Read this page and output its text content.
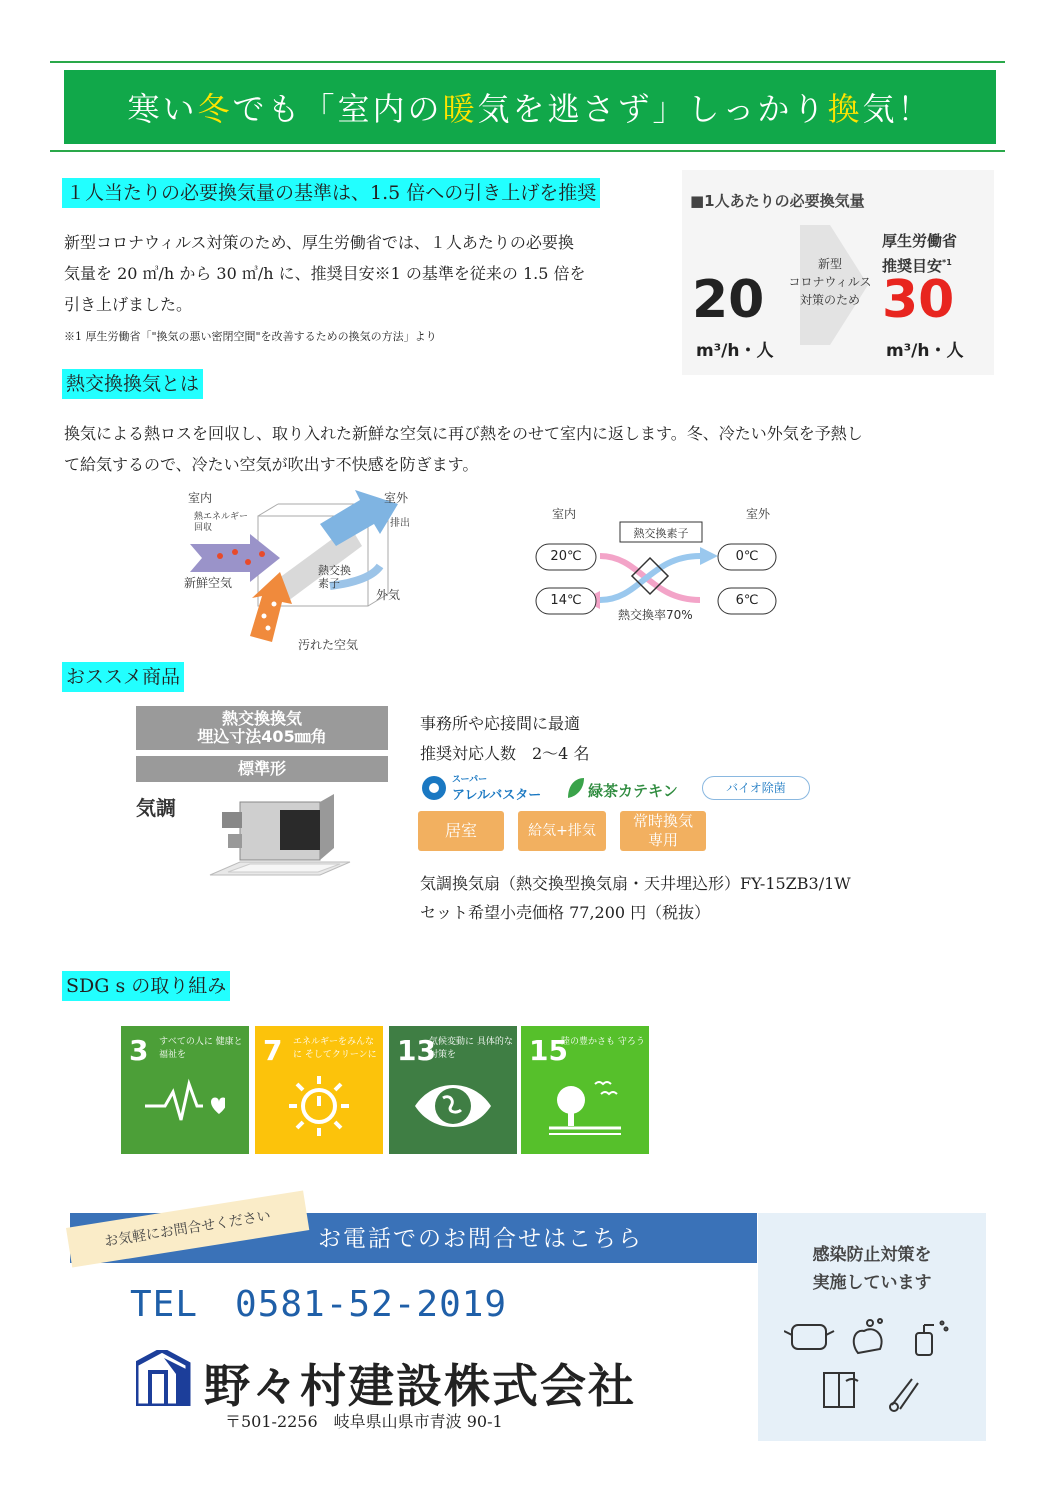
寒い 冬 でも「室内の 暖 気を逃さず」しっかり 換 気！
１人当たりの必要換気量の基準は、1.5 倍への引き上げを推奨
新型コロナウィルス対策のため、厚生労働省では、１人あたりの必要換
気量を 20 ㎥/h から 30 ㎥/h に、推奨目安※1 の基準を従来の 1.5 倍を
引き上げました。
※1 厚生労働省「"換気の悪い密閉空間"を改善するための換気の方法」より
■1人あたりの必要換気量
20
m³/h・人
新型
コロナウィルス
対策のため
厚生労働省
推奨目安$^{*1}$
30
m³/h・人
熱交換換気とは
換気による熱ロスを回収し、取り入れた新鮮な空気に再び熱をのせて室内に返します。冬、冷たい外気を予熱し
て給気するので、冷たい空気が吹出す不快感を防ぎます。
室内	室外
熱エネルギー
回収	排出
新鮮空気
熱交換
素子
外気
汚れた空気
室内	室外
熱交換素子
20℃	0℃
14℃	6℃
熱交換率70%
おススメ商品
熱交換換気
埋込寸法405㎜角
標準形
気調
事務所や応接間に最適
推奨対応人数　2〜4 名
スーパー
アレルバスター	緑茶カテキン	バイオ除菌
居室	給気+排気
常時換気
専用
気調換気扇（熱交換型換気扇・天井埋込形）FY-15ZB3/1W
セット希望小売価格 77,200 円（税抜）
SDG s の取り組み
3 すべての人に 健康と福祉を	7 エネルギーをみんなに そしてクリーンに 13
気候変動に 具体的な対策を	15
陸の豊かさも 守ろう
お電話でのお問合せはこちら
お気軽にお問合せください
TEL　0581-52-2019
野々村建設株式会社
〒501-2256　岐阜県山県市青波 90-1
感染防止対策を
実施しています
